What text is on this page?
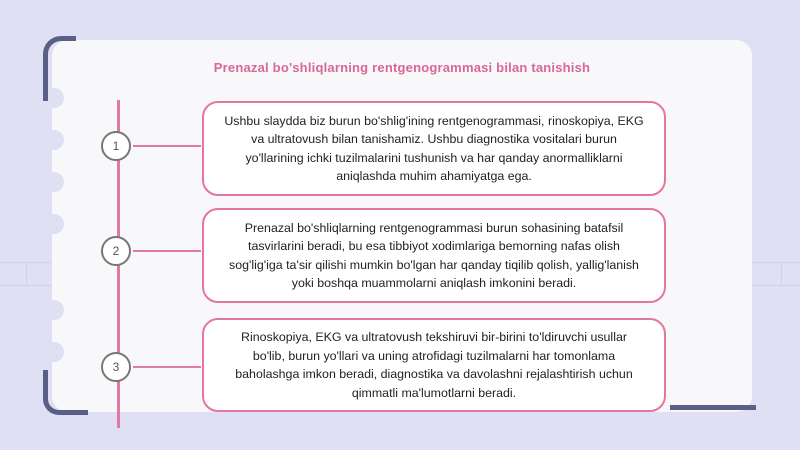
Prenazal bo'shliqlarning rentgenogrammasi bilan tanishish
1
Ushbu slaydda biz burun bo'shlig'ining rentgenogrammasi, rinoskopiya, EKG va ultratovush bilan tanishamiz. Ushbu diagnostika vositalari burun yo'llarining ichki tuzilmalarini tushunish va har qanday anormalliklarni aniqlashda muhim ahamiyatga ega.
2
Prenazal bo'shliqlarning rentgenogrammasi burun sohasining batafsil tasvirlarini beradi, bu esa tibbiyot xodimlariga bemorning nafas olish sog'lig'iga ta'sir qilishi mumkin bo'lgan har qanday tiqilib qolish, yallig'lanish yoki boshqa muammolarni aniqlash imkonini beradi.
3
Rinoskopiya, EKG va ultratovush tekshiruvi bir-birini to'ldiruvchi usullar bo'lib, burun yo'llari va uning atrofidagi tuzilmalarni har tomonlama baholashga imkon beradi, diagnostika va davolashni rejalashtirish uchun qimmatli ma'lumotlarni beradi.
